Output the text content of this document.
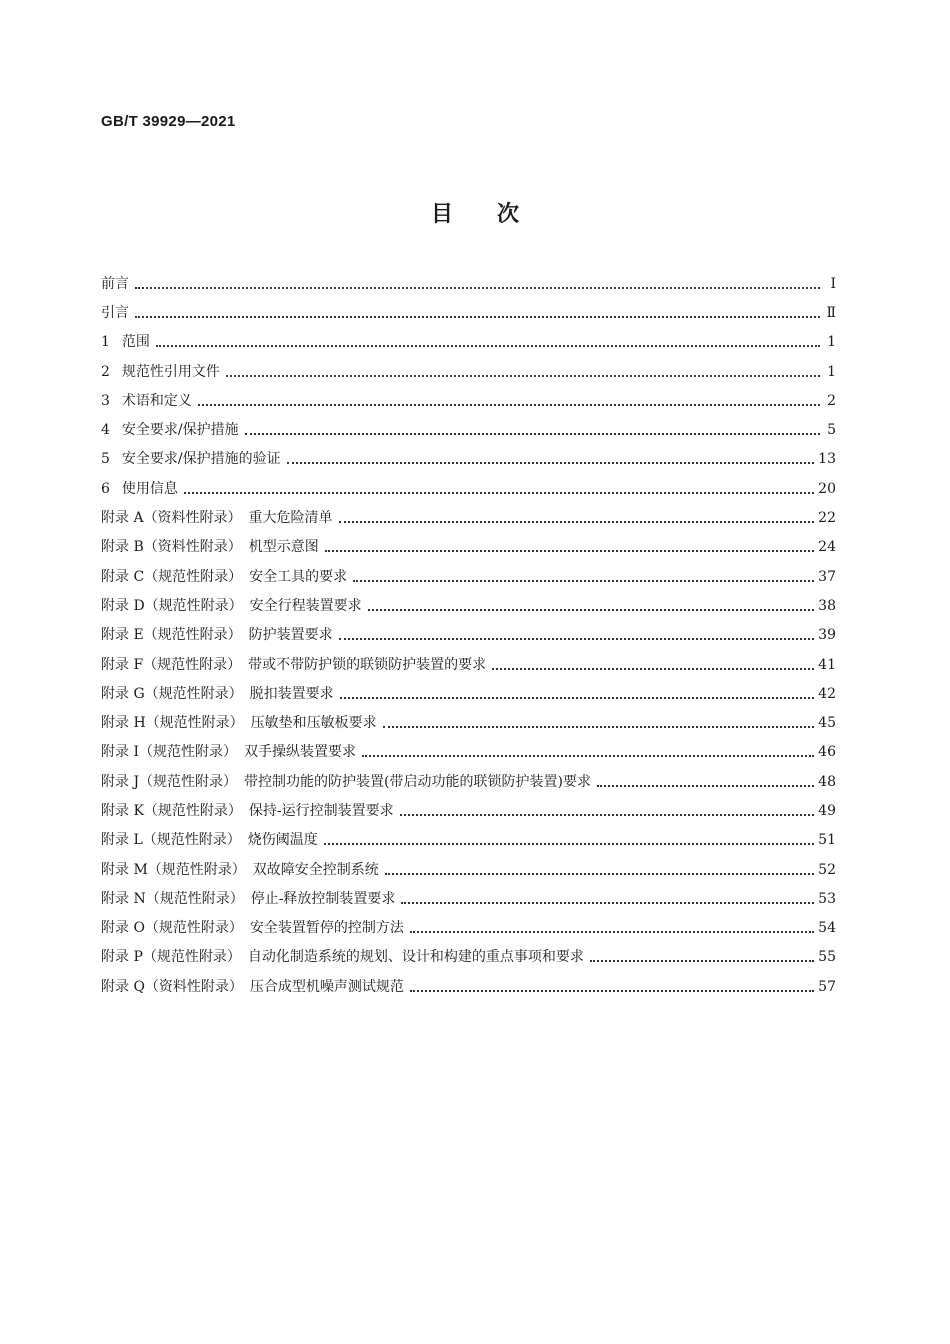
GB/T 39929—2021
目次
前言	Ⅰ
引言	Ⅱ
1 范围	1
2 规范性引用文件	1
3 术语和定义	2
4 安全要求/保护措施	5
5 安全要求/保护措施的验证	13
6 使用信息	20
附录 A（资料性附录）　重大危险清单	22
附录 B（资料性附录）　机型示意图	24
附录 C（规范性附录）　安全工具的要求	37
附录 D（规范性附录）　安全行程装置要求	38
附录 E（规范性附录）　防护装置要求	39
附录 F（规范性附录）　带或不带防护锁的联锁防护装置的要求	41
附录 G（规范性附录）　脱扣装置要求	42
附录 H（规范性附录）　压敏垫和压敏板要求	45
附录 I（规范性附录）　双手操纵装置要求	46
附录 J（规范性附录）　带控制功能的防护装置(带启动功能的联锁防护装置)要求	48
附录 K（规范性附录）　保持-运行控制装置要求	49
附录 L（规范性附录）　烧伤阈温度	51
附录 M（规范性附录）　双故障安全控制系统	52
附录 N（规范性附录）　停止-释放控制装置要求	53
附录 O（规范性附录）　安全装置暂停的控制方法	54
附录 P（规范性附录）　自动化制造系统的规划、设计和构建的重点事项和要求	55
附录 Q（资料性附录）　压合成型机噪声测试规范	57
